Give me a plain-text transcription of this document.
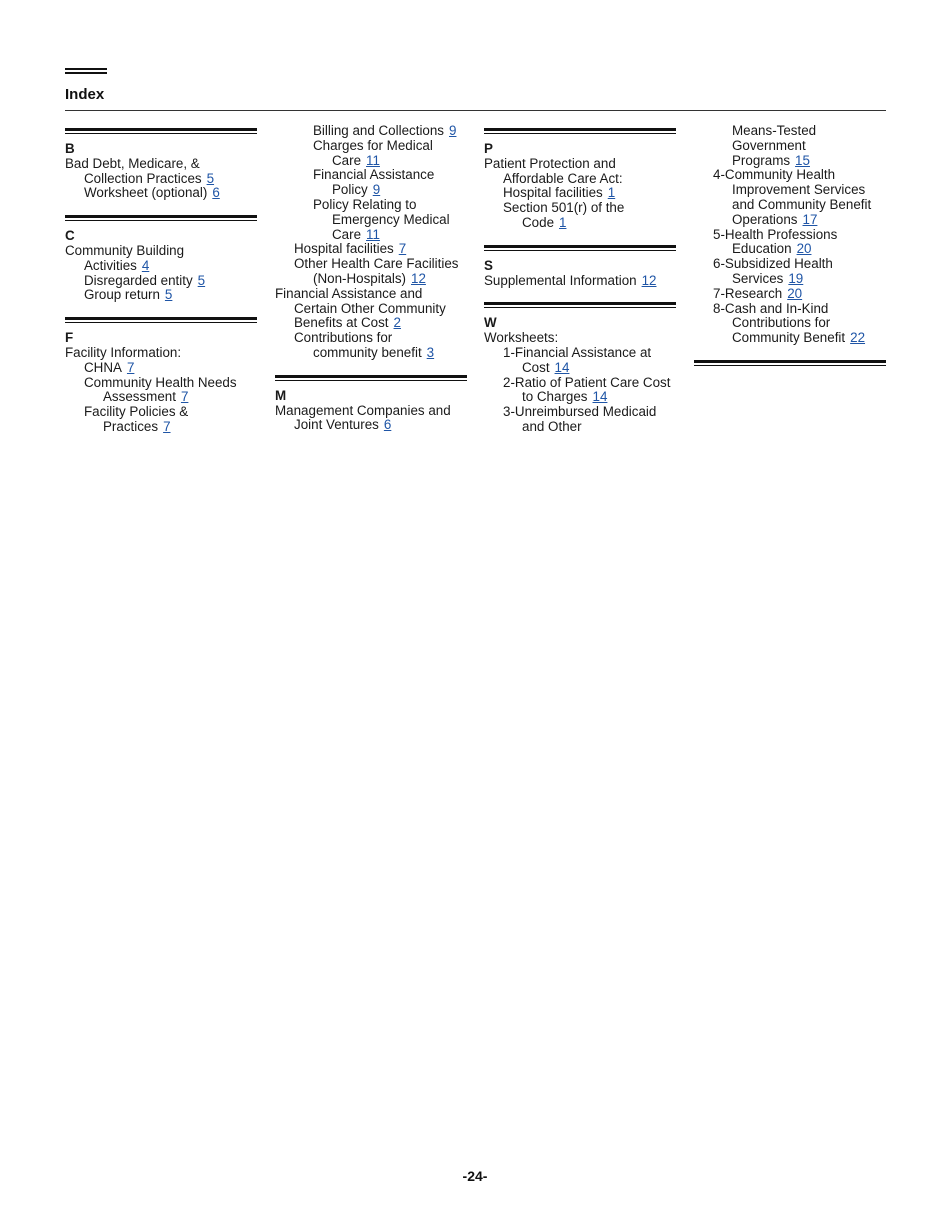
Index
B
Bad Debt, Medicare, &
Collection Practices 5
Worksheet (optional) 6
C
Community Building
Activities 4
Disregarded entity 5
Group return 5
F
Facility Information:
CHNA 7
Community Health Needs
Assessment 7
Facility Policies &
Practices 7
Billing and Collections 9
Charges for Medical
Care 11
Financial Assistance
Policy 9
Policy Relating to
Emergency Medical
Care 11
Hospital facilities 7
Other Health Care Facilities
(Non-Hospitals) 12
Financial Assistance and
Certain Other Community
Benefits at Cost 2
Contributions for
community benefit 3
M
Management Companies and
Joint Ventures 6
P
Patient Protection and
Affordable Care Act:
Hospital facilities 1
Section 501(r) of the
Code 1
S
Supplemental Information 12
W
Worksheets:
1-Financial Assistance at
Cost 14
2-Ratio of Patient Care Cost
to Charges 14
3-Unreimbursed Medicaid
and Other
Means-Tested
Government
Programs 15
4-Community Health
Improvement Services
and Community Benefit
Operations 17
5-Health Professions
Education 20
6-Subsidized Health
Services 19
7-Research 20
8-Cash and In-Kind
Contributions for
Community Benefit 22
-24-
